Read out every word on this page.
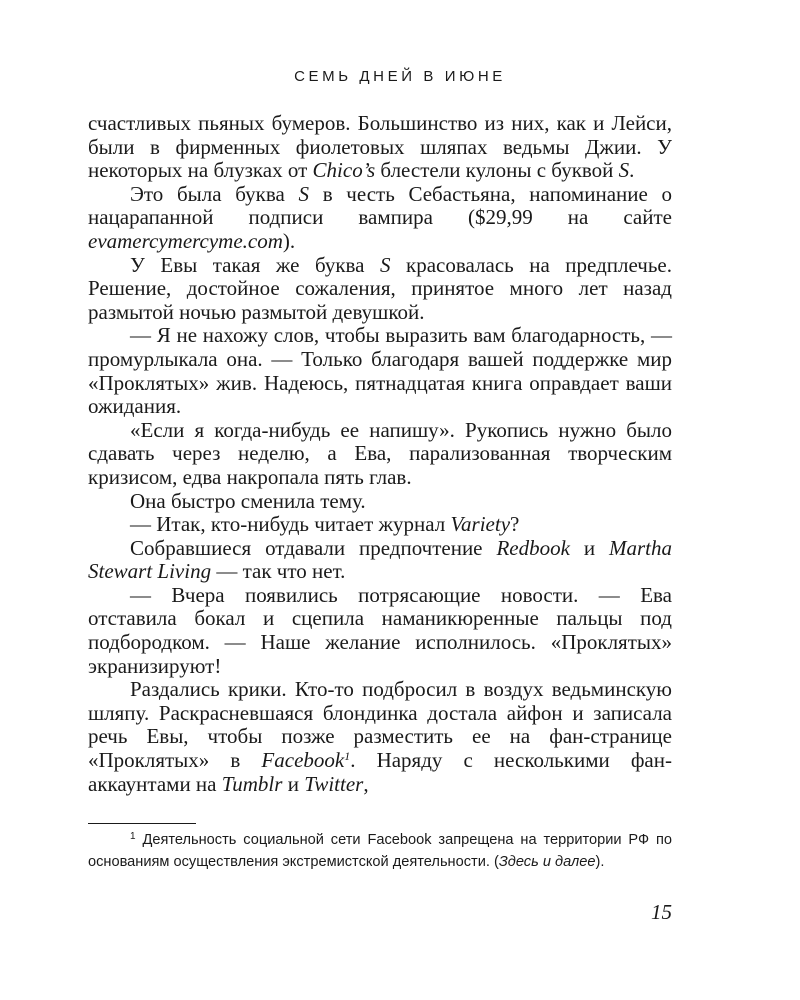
СЕМЬ ДНЕЙ В ИЮНЕ

счастливых пьяных бумеров. Большинство из них, как и Лейси, были в фирменных фиолетовых шляпах ведьмы Джии. У некоторых на блузках от Chico’s блестели кулоны с буквой S.

Это была буква S в честь Себастьяна, напоминание о нацарапанной подписи вампира ($29,99 на сайте evamercymercyme.com).

У Евы такая же буква S красовалась на предплечье. Решение, достойное сожаления, принятое много лет назад размытой ночью размытой девушкой.

— Я не нахожу слов, чтобы выразить вам благодарность, — промурлыкала она. — Только благодаря вашей поддержке мир «Проклятых» жив. Надеюсь, пятнадцатая книга оправдает ваши ожидания.

«Если я когда-нибудь ее напишу». Рукопись нужно было сдавать через неделю, а Ева, парализованная творческим кризисом, едва накропала пять глав.

Она быстро сменила тему.

— Итак, кто-нибудь читает журнал Variety?

Собравшиеся отдавали предпочтение Redbook и Martha Stewart Living — так что нет.

— Вчера появились потрясающие новости. — Ева отставила бокал и сцепила наманикюренные пальцы под подбородком. — Наше желание исполнилось. «Проклятых» экранизируют!

Раздались крики. Кто-то подбросил в воздух ведьминскую шляпу. Раскрасневшаяся блондинка достала айфон и записала речь Евы, чтобы позже разместить ее на фан-страницe «Проклятых» в Facebook$^1$. Наряду с несколькими фан-аккаунтами на Tumblr и Twitter,

$^1$ Деятельность социальной сети Facebook запрещена на территории РФ по основаниям осуществления экстремистской деятельности. (Здесь и далее).

15
